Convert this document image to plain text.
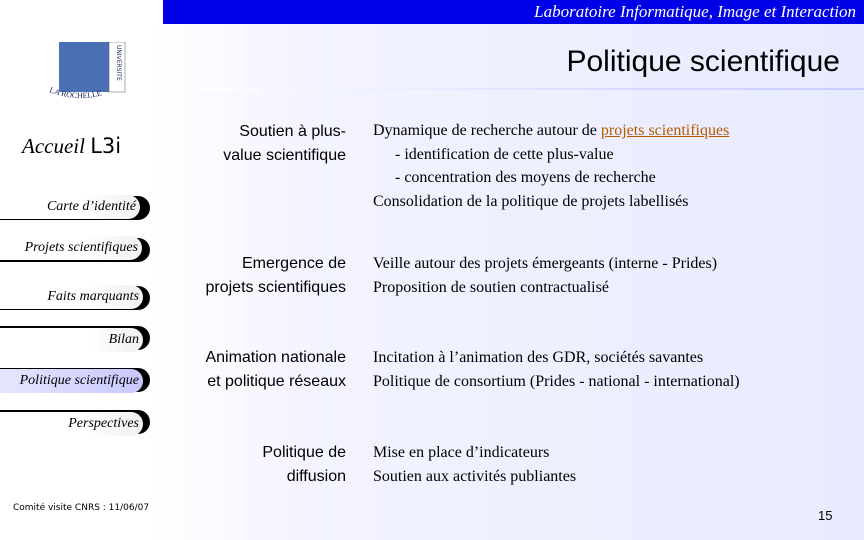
Laboratoire Informatique, Image et Interaction
UNIVERSITE
LA ROCHELLE
Politique scientifique
Accueil L3i
Carte d’identité
Projets scientifiques
Faits marquants
Bilan
Politique scientifique
Perspectives
Soutien à plus-
value scientifique
Dynamique de recherche autour de projets scientifiques
- identification de cette plus-value
- concentration des moyens de recherche
Consolidation de la politique de projets labellisés
Emergence de
projets scientifiques
Veille autour des projets émergeants (interne - Prides)
Proposition de soutien contractualisé
Animation nationale
et politique réseaux
Incitation à l’animation des GDR, sociétés savantes
Politique de consortium (Prides - national - international)
Politique de
diffusion
Mise en place d’indicateurs
Soutien aux activités publiantes
Comité visite CNRS : 11/06/07	15
